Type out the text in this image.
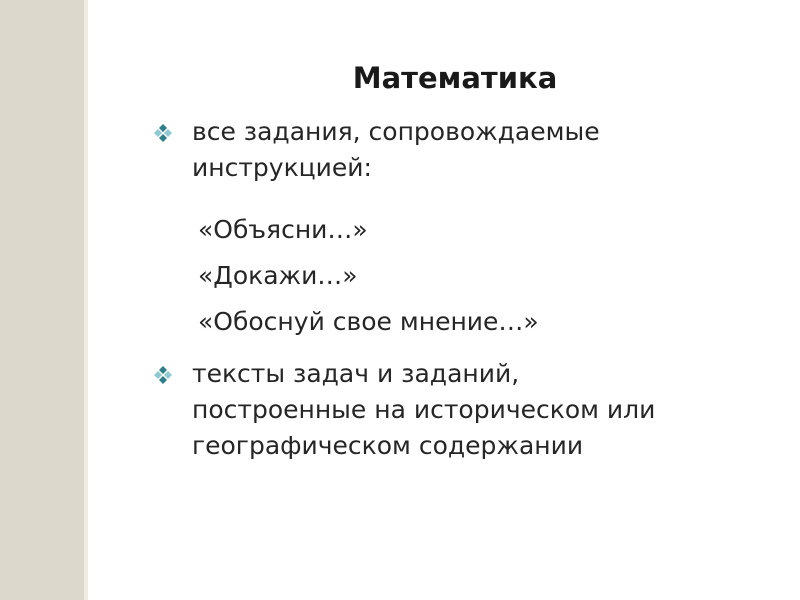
Математика
все задания, сопровождаемые
инструкцией:
«Объясни…»
«Докажи…»
«Обоснуй свое мнение…»
тексты задач и заданий,
построенные на историческом или
географическом содержании
